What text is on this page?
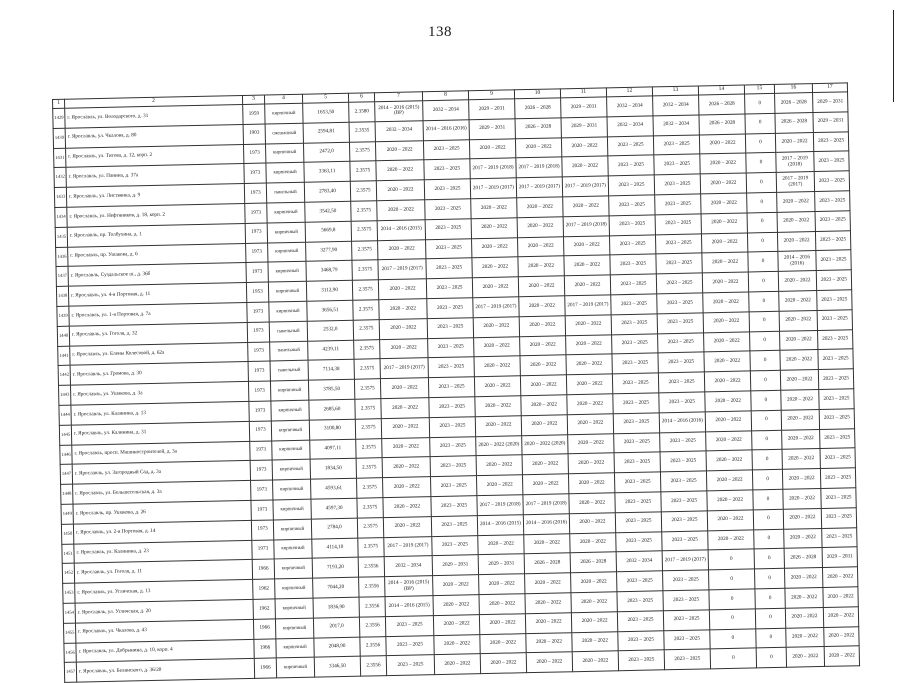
138
1	2	3	4	5	6	7	8	9	10	11	12	13	14	15	16	17
1429	г. Ярославль, ул. Володарского, д. 31	1959	кирпичный	1653,50	2.3580	2014 – 2016 (2015) (ВР)	2032 – 2034	2029 – 2031	2026 – 2028	2029 – 2031	2032 – 2034	2032 – 2034	2026 – 2028	0	2026 – 2028	2029 – 2031
1430	г. Ярославль, ул. Чкалова, д. 80	1903	смешанный	2594,81	2.3535	2032 – 2034	2014 – 2016 (2016)	2029 – 2031	2026 – 2028	2029 – 2031	2032 – 2034	2032 – 2034	2026 – 2028	0	2026 – 2028	2029 – 2031
1431	г. Ярославль, ул. Титова, д. 12, корп. 2	1973	кирпичный	2472,0	2.3575	2020 – 2022	2023 – 2025	2020 – 2022	2020 – 2022	2020 – 2022	2023 – 2025	2023 – 2025	2020 – 2022	0	2020 – 2022	2023 – 2025
1432	г. Ярославль, ул. Панина, д. 37а	1973	кирпичный	3363,11	2.3575	2020 – 2022	2023 – 2025	2017 – 2019 (2018)	2017 – 2019 (2018)	2020 – 2022	2023 – 2025	2023 – 2025	2020 – 2022	0	2017 – 2019 (2018)	2023 – 2025
1433	г. Ярославль, ул. Листвянка, д. 9	1973	панельный	2783,40	2.3575	2020 – 2022	2023 – 2025	2017 – 2019 (2017)	2017 – 2019 (2017)	2017 – 2019 (2017)	2023 – 2025	2023 – 2025	2020 – 2022	0	2017 – 2019 (2017)	2023 – 2025
1434	г. Ярославль, ул. Нефтяников, д. 18, корп. 2	1973	кирпичный	3542,50	2.3575	2020 – 2022	2023 – 2025	2020 – 2022	2020 – 2022	2020 – 2022	2023 – 2025	2023 – 2025	2020 – 2022	0	2020 – 2022	2023 – 2025
1435	г. Ярославль, пр. Толбухина, д. 1	1973	кирпичный	5669,8	2.3575	2014 – 2016 (2015)	2023 – 2025	2020 – 2022	2020 – 2022	2017 – 2019 (2018)	2023 – 2025	2023 – 2025	2020 – 2022	0	2020 – 2022	2023 – 2025
1436	г. Ярославль, пр. Ушакова, д. 6	1973	кирпичный	3277,90	2.3575	2020 – 2022	2023 – 2025	2020 – 2022	2020 – 2022	2020 – 2022	2023 – 2025	2023 – 2025	2020 – 2022	0	2020 – 2022	2023 – 2025
1437	г. Ярославль, Суздальское ш., д. 36б	1973	кирпичный	3468,79	2.3575	2017 – 2019 (2017)	2023 – 2025	2020 – 2022	2020 – 2022	2020 – 2022	2023 – 2025	2023 – 2025	2020 – 2022	0	2014 – 2016 (2016)	2023 – 2025
1438	г. Ярославль, ул. 4-я Портовая, д. 11	1953	кирпичный	3112,90	2.3575	2020 – 2022	2023 – 2025	2020 – 2022	2020 – 2022	2020 – 2022	2023 – 2025	2023 – 2025	2020 – 2022	0	2020 – 2022	2023 – 2025
1439	г. Ярославль, ул. 1-я Портовая, д. 7а	1973	кирпичный	3656,51	2.3575	2020 – 2022	2023 – 2025	2017 – 2019 (2017)	2020 – 2022	2017 – 2019 (2017)	2023 – 2025	2023 – 2025	2020 – 2022	0	2020 – 2022	2023 – 2025
1440	г. Ярославль, ул. Гоголя, д. 32	1973	панельный	2532,0	2.3575	2020 – 2022	2023 – 2025	2020 – 2022	2020 – 2022	2020 – 2022	2023 – 2025	2023 – 2025	2020 – 2022	0	2020 – 2022	2023 – 2025
1441	г. Ярославль, ул. Елены Колесовой, д. 62а	1973	панельный	4239,11	2.3575	2020 – 2022	2023 – 2025	2020 – 2022	2020 – 2022	2020 – 2022	2023 – 2025	2023 – 2025	2020 – 2022	0	2020 – 2022	2023 – 2025
1442	г. Ярославль, ул. Громова, д. 30	1973	панельный	7114,38	2.3575	2017 – 2019 (2017)	2023 – 2025	2020 – 2022	2020 – 2022	2020 – 2022	2023 – 2025	2023 – 2025	2020 – 2022	0	2020 – 2022	2023 – 2025
1443	г. Ярославль, ул. Ушакова, д. 3а	1973	кирпичный	3785,50	2.3575	2020 – 2022	2023 – 2025	2020 – 2022	2020 – 2022	2020 – 2022	2023 – 2025	2023 – 2025	2020 – 2022	0	2020 – 2022	2023 – 2025
1444	г. Ярославль, ул. Калинина, д. 13	1973	кирпичный	2685,60	2.3575	2020 – 2022	2023 – 2025	2020 – 2022	2020 – 2022	2020 – 2022	2023 – 2025	2023 – 2025	2020 – 2022	0	2020 – 2022	2023 – 2025
1445	г. Ярославль, ул. Калинина, д. 31	1973	кирпичный	3100,80	2.3575	2020 – 2022	2023 – 2025	2020 – 2022	2020 – 2022	2020 – 2022	2023 – 2025	2014 – 2016 (2016)	2020 – 2022	0	2020 – 2022	2023 – 2025
1446	г. Ярославль, просп. Машиностроителей, д. 3а	1973	кирпичный	4097,11	2.3575	2020 – 2022	2023 – 2025	2020 – 2022 (2020)	2020 – 2022 (2020)	2020 – 2022	2023 – 2025	2023 – 2025	2020 – 2022	0	2020 – 2022	2023 – 2025
1447	г. Ярославль, ул. Загородный Сад, д. 3а	1973	кирпичный	1834,50	2.3575	2020 – 2022	2023 – 2025	2020 – 2022	2020 – 2022	2020 – 2022	2023 – 2025	2023 – 2025	2020 – 2022	0	2020 – 2022	2023 – 2025
1448	г. Ярославль, ул. Большесольская, д. 3а	1973	кирпичный	4593,61	2.3575	2020 – 2022	2023 – 2025	2020 – 2022	2020 – 2022	2020 – 2022	2023 – 2025	2023 – 2025	2020 – 2022	0	2020 – 2022	2023 – 2025
1449	г. Ярославль, пр. Ушакова, д. 26	1973	кирпичный	4597,30	2.3575	2020 – 2022	2023 – 2025	2017 – 2019 (2018)	2017 – 2019 (2018)	2020 – 2022	2023 – 2025	2023 – 2025	2020 – 2022	0	2020 – 2022	2023 – 2025
1450	г. Ярославль, ул. 2-я Портовая, д. 14	1973	кирпичный	2784,0	2.3575	2020 – 2022	2023 – 2025	2014 – 2016 (2015)	2014 – 2016 (2016)	2020 – 2022	2023 – 2025	2023 – 2025	2020 – 2022	0	2020 – 2022	2023 – 2025
1451	г. Ярославль, ул. Калинина, д. 23	1973	кирпичный	4114,10	2.3575	2017 – 2019 (2017)	2023 – 2025	2020 – 2022	2020 – 2022	2020 – 2022	2023 – 2025	2023 – 2025	2020 – 2022	0	2020 – 2022	2023 – 2025
1452	г. Ярославль, ул. Гоголя, д. 11	1966	кирпичный	7193,20	2.3556	2032 – 2034	2029 – 2031	2029 – 2031	2026 – 2028	2026 – 2028	2032 – 2034	2017 – 2019 (2017)	0	0	2026 – 2028	2029 – 2031
1453	г. Ярославль, ул. Угличская, д. 13	1962	кирпичный	7044,20	2.3556	2014 – 2016 (2015) (ВР)	2020 – 2022	2020 – 2022	2020 – 2022	2020 – 2022	2023 – 2025	2023 – 2025	0	0	2020 – 2022	2020 – 2022
1454	г. Ярославль, ул. Угличская, д. 20	1962	кирпичный	1836,90	2.3556	2014 – 2016 (2015)	2020 – 2022	2020 – 2022	2020 – 2022	2020 – 2022	2023 – 2025	2023 – 2025	0	0	2020 – 2022	2020 – 2022
1455	г. Ярославль, ул. Чкалова, д. 43	1966	кирпичный	2017,0	2.3556	2023 – 2025	2020 – 2022	2020 – 2022	2020 – 2022	2020 – 2022	2023 – 2025	2023 – 2025	0	0	2020 – 2022	2020 – 2022
1456	г. Ярославль, ул. Добрынина, д. 10, корп. 4	1966	кирпичный	2048,90	2.3556	2023 – 2025	2020 – 2022	2020 – 2022	2020 – 2022	2020 – 2022	2023 – 2025	2023 – 2025	0	0	2020 – 2022	2020 – 2022
1457	г. Ярославль, ул. Белинского, д. 36/20	1966	кирпичный	3346,50	2.3556	2023 – 2025	2020 – 2022	2020 – 2022	2020 – 2022	2020 – 2022	2023 – 2025	2023 – 2025	0	0	2020 – 2022	2020 – 2022
